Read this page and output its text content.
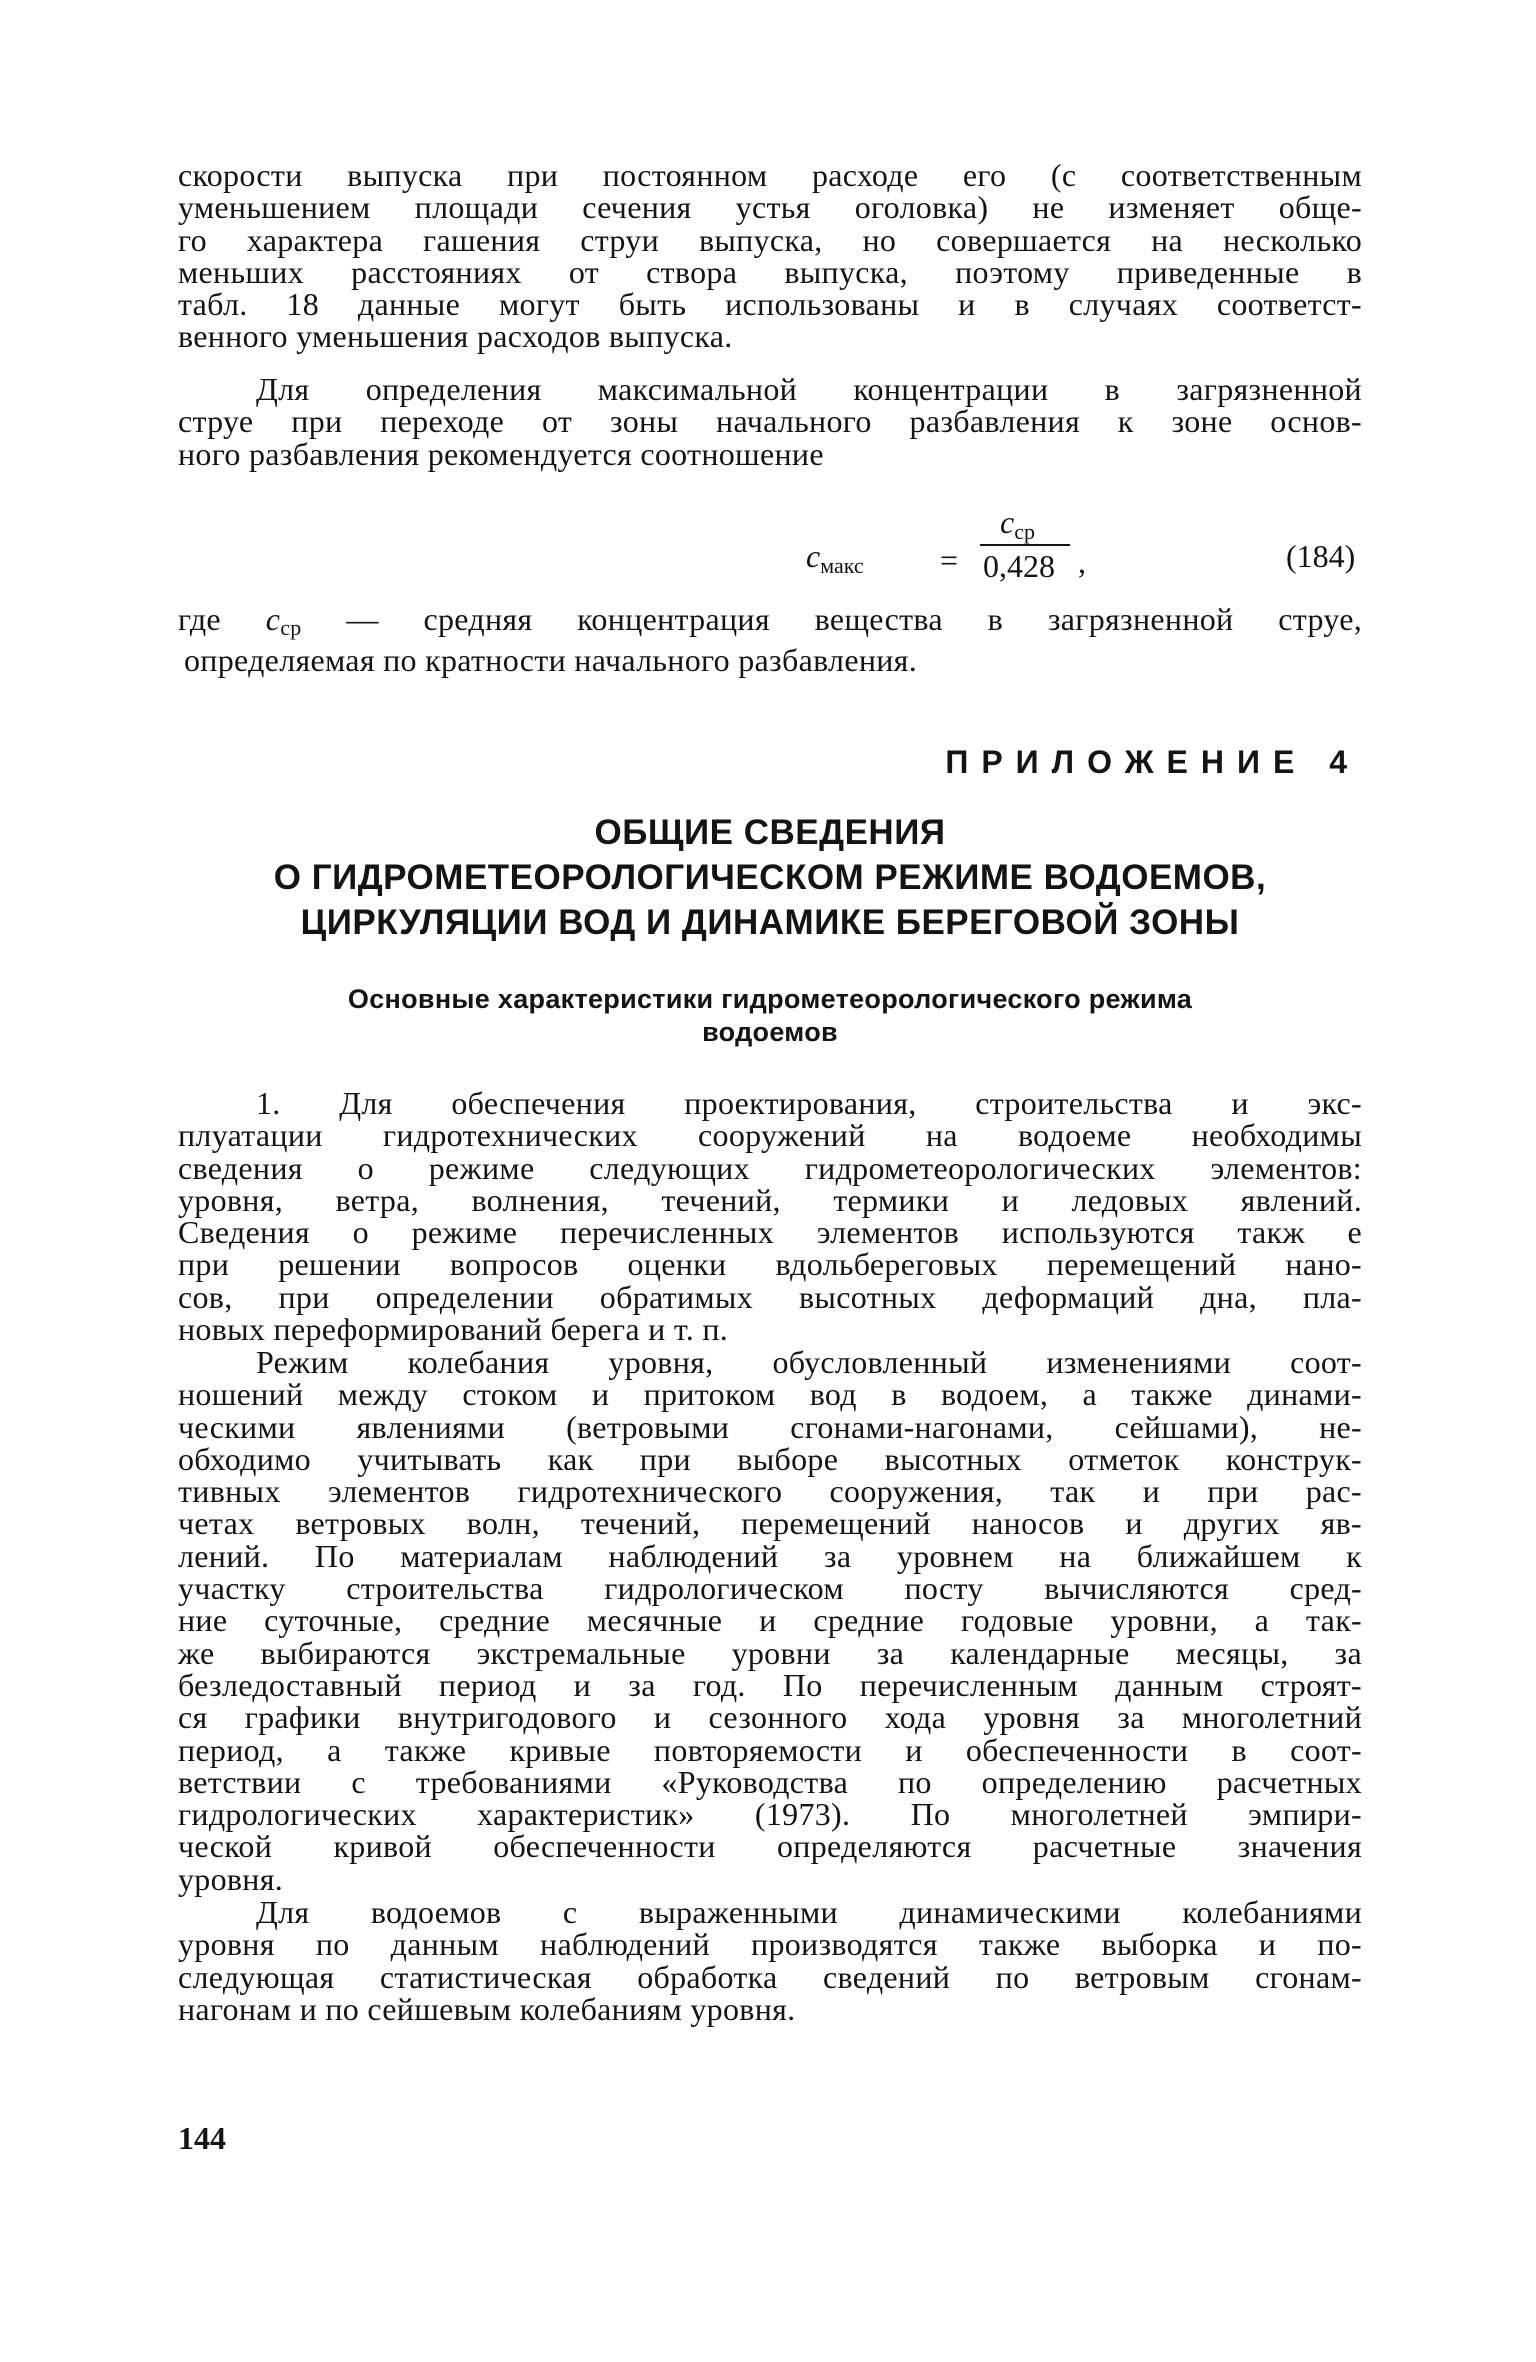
скорости выпуска при постоянном расходе его (с соответственным

уменьшением площади сечения устья оголовка) не изменяет обще-

го характера гашения струи выпуска, но совершается на несколько

меньших расстояниях от створа выпуска, поэтому приведенные в

табл. 18 данные могут быть использованы и в случаях соответст-

венного уменьшения расходов выпуска.

Для определения максимальной концентрации в загрязненной

струе при переходе от зоны начального разбавления к зоне основ-

ного разбавления рекомендуется соотношение

$c_{макс}$ =
$c_{ср}$
0,428 ,	(184)

где $c_{ср}$ — средняя концентрация вещества в загрязненной струе,

определяемая по кратности начального разбавления.

ПРИЛОЖЕНИЕ 4
ОБЩИЕ СВЕДЕНИЯ
О ГИДРОМЕТЕОРОЛОГИЧЕСКОМ РЕЖИМЕ ВОДОЕМОВ,
ЦИРКУЛЯЦИИ ВОД И ДИНАМИКЕ БЕРЕГОВОЙ ЗОНЫ
Основные характеристики гидрометеорологического режима
водоемов

1. Для обеспечения проектирования, строительства и экс-

плуатации гидротехнических сооружений на водоеме необходимы

сведения о режиме следующих гидрометеорологических элементов:

уровня, ветра, волнения, течений, термики и ледовых явлений.

Сведения о режиме перечисленных элементов используются такж е

при решении вопросов оценки вдольбереговых перемещений нано-

сов, при определении обратимых высотных деформаций дна, пла-

новых переформирований берега и т. п.

Режим колебания уровня, обусловленный изменениями соот-

ношений между стоком и притоком вод в водоем, а также динами-

ческими явлениями (ветровыми сгонами-нагонами, сейшами), не-

обходимо учитывать как при выборе высотных отметок конструк-

тивных элементов гидротехнического сооружения, так и при рас-

четах ветровых волн, течений, перемещений наносов и других яв-

лений. По материалам наблюдений за уровнем на ближайшем к

участку строительства гидрологическом посту вычисляются сред-

ние суточные, средние месячные и средние годовые уровни, а так-

же выбираются экстремальные уровни за календарные месяцы, за

безледоставный период и за год. По перечисленным данным строят-

ся графики внутригодового и сезонного хода уровня за многолетний

период, а также кривые повторяемости и обеспеченности в соот-

ветствии с требованиями «Руководства по определению расчетных

гидрологических характеристик» (1973). По многолетней эмпири-

ческой кривой обеспеченности определяются расчетные значения

уровня.

Для водоемов с выраженными динамическими колебаниями

уровня по данным наблюдений производятся также выборка и по-

следующая статистическая обработка сведений по ветровым сгонам-

нагонам и по сейшевым колебаниям уровня.

144
